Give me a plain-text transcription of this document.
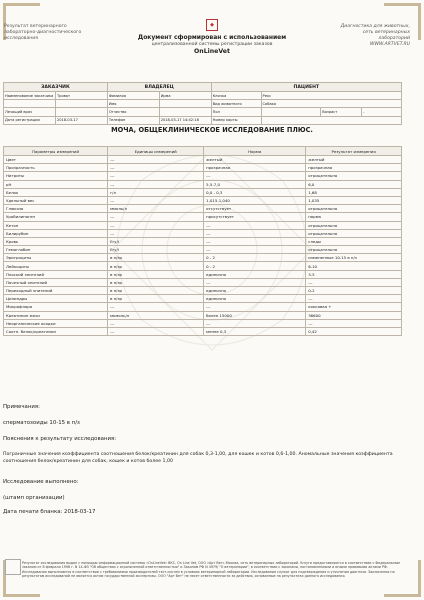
Результат ветеринарного
лабораторно-диагностического
исследования
◆
Документ сформирован с использованием
централизованной системы регистрации заказов
OnLineVet
Диагностика для животных,
сеть ветеринарных
лабораторий
WWW.ARTVET.RU
ЗАКАЗЧИК		ВЛАДЕЛЕЦ		ПАЦИЕНТ			
Наименование заказчика	Троват	Фамилия	Ирма	Кличка	Рекс		
		Имя		Вид животного	Собака		
Лечащий врач		Отчество		Пол		Возраст	-
Дата регистрации	2018-03-17	Телефон	2018-03-17 14:42:18	Номер карты			
МОЧА, ОБЩЕКЛИНИЧЕСКОЕ ИССЛЕДОВАНИЕ ПЛЮС.
Параметры измерений	Единицы измерений	Норма	Результат измерения
Цвет	---	желтый	желтый
Прозрачность	---	прозрачная	прозрачная
Нитриты	---	---	отрицательно
pH	---	5,5-7,0	6,0
Белок	г/л	0,0 - 0,3	1,68
Удельный вес	---	1,015-1,040	1,035
Глюкоза	ммоль/л	отсутствует	отрицательно
Уробилиноген	---	присутствует	норма
Кетон	---	---	отрицательно
Билирубин	---	---	отрицательно
Кровь	Ery/l	---	следы
Гемоглобин	Ery/l	---	отрицательно
Эритроциты	в п/зр	0 - 2	измененные 10-15 в п/з
Лейкоциты	в п/зр	0 - 2	6-10
Плоский эпителий	в п/зр	единично	3-5
Почечный эпителий	в п/зр	---	---
Переходный эпителий	в п/зр	единично	0-2
Цилиндры	в п/зр	единично	---
Микрофлора	---	---	кокковая +
Креатинин мочи	мкмоль/л	более 15000	36600
Неорганические осадки	---	---	---
Соотн. белок/креатинин	---	менее 0,3	0,42

Примечания:

сперматозоиды 10-15 в п/з

Пояснения к результату исследования:

Пограничные значения коэффициента соотношения белок/креатинин для собак 0,3-1,00, для кошек и котов 0,6-1,00. Аномальные значения коэффициента соотношения белок/креатинин для собак, кошек и котов более 1,00

Исследование выполнено:

(штамп организации)

Дата печати бланка: 2018-03-17

Результат исследования выдан с помощью информационной системы «OnLineVet» ВКС. On Line Vet, ООО «Арт Вет»-Москва, сеть ветеринарных лабораторий. Услуги предоставляются в соответствии с Федеральным законом от 8 февраля 1998 г. N 14-ФЗ "Об обществах с ограниченной ответственностью" и Законом РФ N 4979/ "О ветеринарии", в соответствии с законами, постановлениями и иными правовыми актами РФ. Исследования выполняются в соответствии с требованиями производителей тест-систем в условиях ветеринарной лаборатории. Исследования служат для подтверждения и уточнения диагноза. Заключения по результатам исследований не является актом государственной экспертизы. ООО "Арт Вет" не несет ответственности за действия, основанные на результатах данного исследования.
